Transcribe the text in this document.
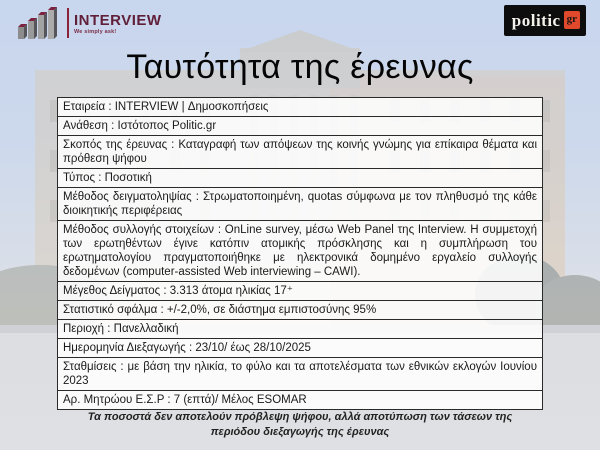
INTERVIEW
We simply ask!
politic gr
Ταυτότητα της έρευνας
Εταιρεία : INTERVIEW | Δημοσκοπήσεις
Ανάθεση : Ιστότοπος Politic.gr
Σκοπός της έρευνας : Καταγραφή των απόψεων της κοινής γνώμης για επίκαιρα θέματα και πρόθεση ψήφου
Τύπος : Ποσοτική
Μέθοδος δειγματοληψίας : Στρωματοποιημένη, quotas σύμφωνα με τον πληθυσμό της κάθε διοικητικής περιφέρειας
Μέθοδος συλλογής στοιχείων : OnLine survey, μέσω Web Panel της Interview. Η συμμετοχή των ερωτηθέντων έγινε κατόπιν ατομικής πρόσκλησης και η συμπλήρωση του ερωτηματολογίου πραγματοποιήθηκε με ηλεκτρονικά δομημένο εργαλείο συλλογής δεδομένων (computer-assisted Web interviewing – CAWI).
Μέγεθος Δείγματος : 3.313 άτομα ηλικίας 17⁺
Στατιστικό σφάλμα : +/-2,0%, σε διάστημα εμπιστοσύνης 95%
Περιοχή : Πανελλαδική
Ημερομηνία Διεξαγωγής : 23/10/ έως 28/10/2025
Σταθμίσεις : με βάση την ηλικία, το φύλο και τα αποτελέσματα των εθνικών εκλογών Ιουνίου 2023
Αρ. Μητρώου Ε.Σ.Ρ : 7 (επτά)/ Μέλος ESOMAR
Τα ποσοστά δεν αποτελούν πρόβλεψη ψήφου, αλλά αποτύπωση των τάσεων της περιόδου διεξαγωγής της έρευνας
